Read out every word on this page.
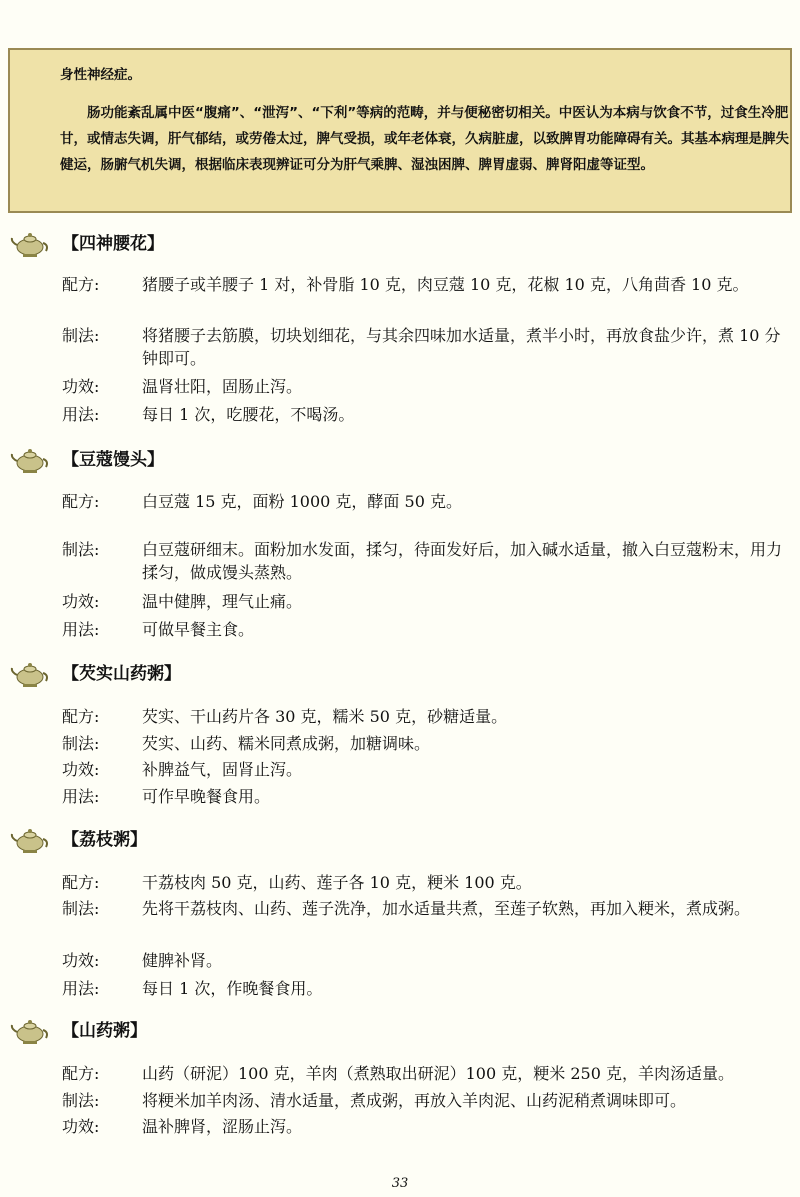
身性神经症。

肠功能紊乱属中医“腹痛”、“泄泻”、“下利”等病的范畴，并与便秘密切相关。中医认为本病与饮食不节，过食生冷肥甘，或情志失调，肝气郁结，或劳倦太过，脾气受损，或年老体衰，久病脏虚，以致脾胃功能障碍有关。其基本病理是脾失健运，肠腑气机失调，根据临床表现辨证可分为肝气乘脾、湿浊困脾、脾胃虚弱、脾肾阳虚等证型。

【四神腰花】
配方:	猪腰子或羊腰子 1 对，补骨脂 10 克，肉豆蔻 10 克，花椒 10 克，八角茴香 10 克。
制法:	将猪腰子去筋膜，切块划细花，与其余四味加水适量，煮半小时，再放食盐少许，煮 10 分钟即可。
功效:	温肾壮阳，固肠止泻。
用法:	每日 1 次，吃腰花，不喝汤。
【豆蔻馒头】
配方:	白豆蔻 15 克，面粉 1000 克，酵面 50 克。
制法:	白豆蔻研细末。面粉加水发面，揉匀，待面发好后，加入碱水适量，撤入白豆蔻粉末，用力揉匀，做成馒头蒸熟。
功效:	温中健脾，理气止痛。
用法:	可做早餐主食。
【芡实山药粥】
配方:	芡实、干山药片各 30 克，糯米 50 克，砂糖适量。
制法:	芡实、山药、糯米同煮成粥，加糖调味。
功效:	补脾益气，固肾止泻。
用法:	可作早晚餐食用。
【荔枝粥】
配方:	干荔枝肉 50 克，山药、莲子各 10 克，粳米 100 克。
制法:	先将干荔枝肉、山药、莲子洗净，加水适量共煮，至莲子软熟，再加入粳米，煮成粥。
功效:	健脾补肾。
用法:	每日 1 次，作晚餐食用。
【山药粥】
配方:	山药（研泥）100 克，羊肉（煮熟取出研泥）100 克，粳米 250 克，羊肉汤适量。
制法:	将粳米加羊肉汤、清水适量，煮成粥，再放入羊肉泥、山药泥稍煮调味即可。
功效:	温补脾肾，涩肠止泻。
33
